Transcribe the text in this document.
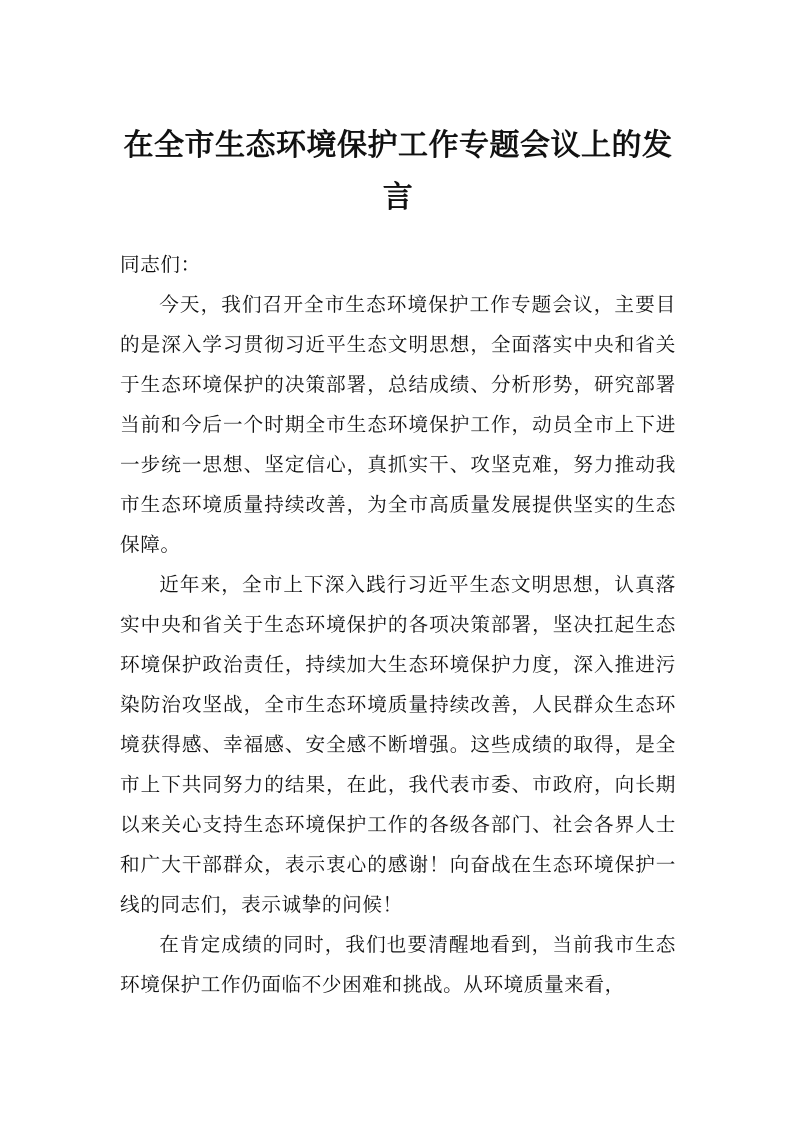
在全市生态环境保护工作专题会议上的发言

同志们：

今天，我们召开全市生态环境保护工作专题会议，主要目的是深入学习贯彻习近平生态文明思想，全面落实中央和省关于生态环境保护的决策部署，总结成绩、分析形势，研究部署当前和今后一个时期全市生态环境保护工作，动员全市上下进一步统一思想、坚定信心，真抓实干、攻坚克难，努力推动我市生态环境质量持续改善，为全市高质量发展提供坚实的生态保障。

近年来，全市上下深入践行习近平生态文明思想，认真落实中央和省关于生态环境保护的各项决策部署，坚决扛起生态环境保护政治责任，持续加大生态环境保护力度，深入推进污染防治攻坚战，全市生态环境质量持续改善，人民群众生态环境获得感、幸福感、安全感不断增强。这些成绩的取得，是全市上下共同努力的结果，在此，我代表市委、市政府，向长期以来关心支持生态环境保护工作的各级各部门、社会各界人士和广大干部群众，表示衷心的感谢！向奋战在生态环境保护一线的同志们，表示诚挚的问候！

在肯定成绩的同时，我们也要清醒地看到，当前我市生态环境保护工作仍面临不少困难和挑战。从环境质量来看，
